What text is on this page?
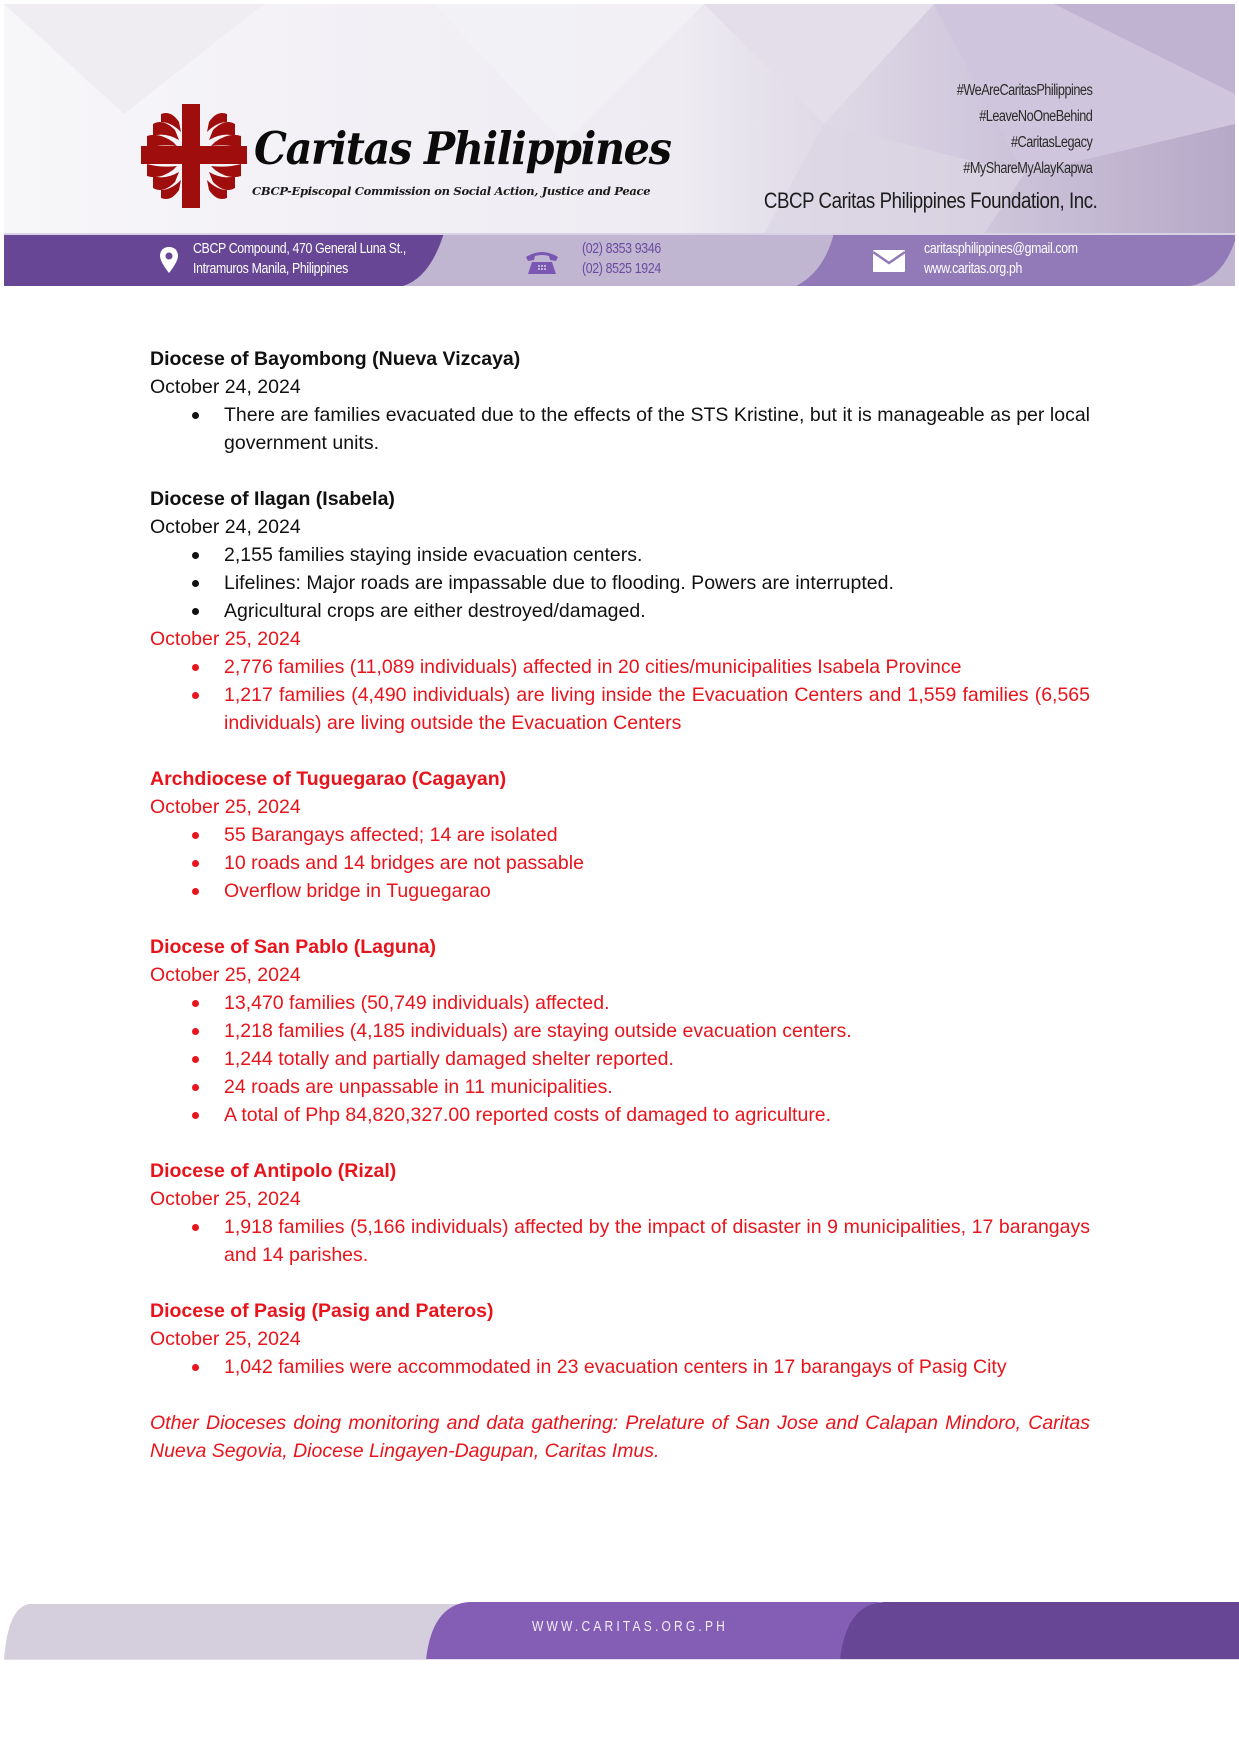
Caritas Philippines
CBCP-Episcopal Commission on Social Action, Justice and Peace
#WeAreCaritasPhilippines
#LeaveNoOneBehind
#CaritasLegacy
#MyShareMyAlayKapwa
CBCP Caritas Philippines Foundation, Inc.
CBCP Compound, 470 General Luna St.,
Intramuros Manila, Philippines
(02) 8353 9346
(02) 8525 1924
caritasphilippines@gmail.com
www.caritas.org.ph
Diocese of Bayombong (Nueva Vizcaya)

October 24, 2024

There are families evacuated due to the effects of the STS Kristine, but it is manageable as per local government units.
Diocese of Ilagan (Isabela)

October 24, 2024

2,155 families staying inside evacuation centers.
Lifelines: Major roads are impassable due to flooding. Powers are interrupted.
Agricultural crops are either destroyed/damaged.

October 25, 2024

2,776 families (11,089 individuals) affected in 20 cities/municipalities Isabela Province
1,217 families (4,490 individuals) are living inside the Evacuation Centers and 1,559 families (6,565 individuals) are living outside the Evacuation Centers
Archdiocese of Tuguegarao (Cagayan)

October 25, 2024

55 Barangays affected; 14 are isolated
10 roads and 14 bridges are not passable
Overflow bridge in Tuguegarao
Diocese of San Pablo (Laguna)

October 25, 2024

13,470 families (50,749 individuals) affected.
1,218 families (4,185 individuals) are staying outside evacuation centers.
1,244 totally and partially damaged shelter reported.
24 roads are unpassable in 11 municipalities.
A total of Php 84,820,327.00 reported costs of damaged to agriculture.
Diocese of Antipolo (Rizal)

October 25, 2024

1,918 families (5,166 individuals) affected by the impact of disaster in 9 municipalities, 17 barangays and 14 parishes.
Diocese of Pasig (Pasig and Pateros)

October 25, 2024

1,042 families were accommodated in 23 evacuation centers in 17 barangays of Pasig City

Other Dioceses doing monitoring and data gathering: Prelature of San Jose and Calapan Mindoro, Caritas Nueva Segovia, Diocese Lingayen-Dagupan, Caritas Imus.

WWW.CARITAS.ORG.PH
